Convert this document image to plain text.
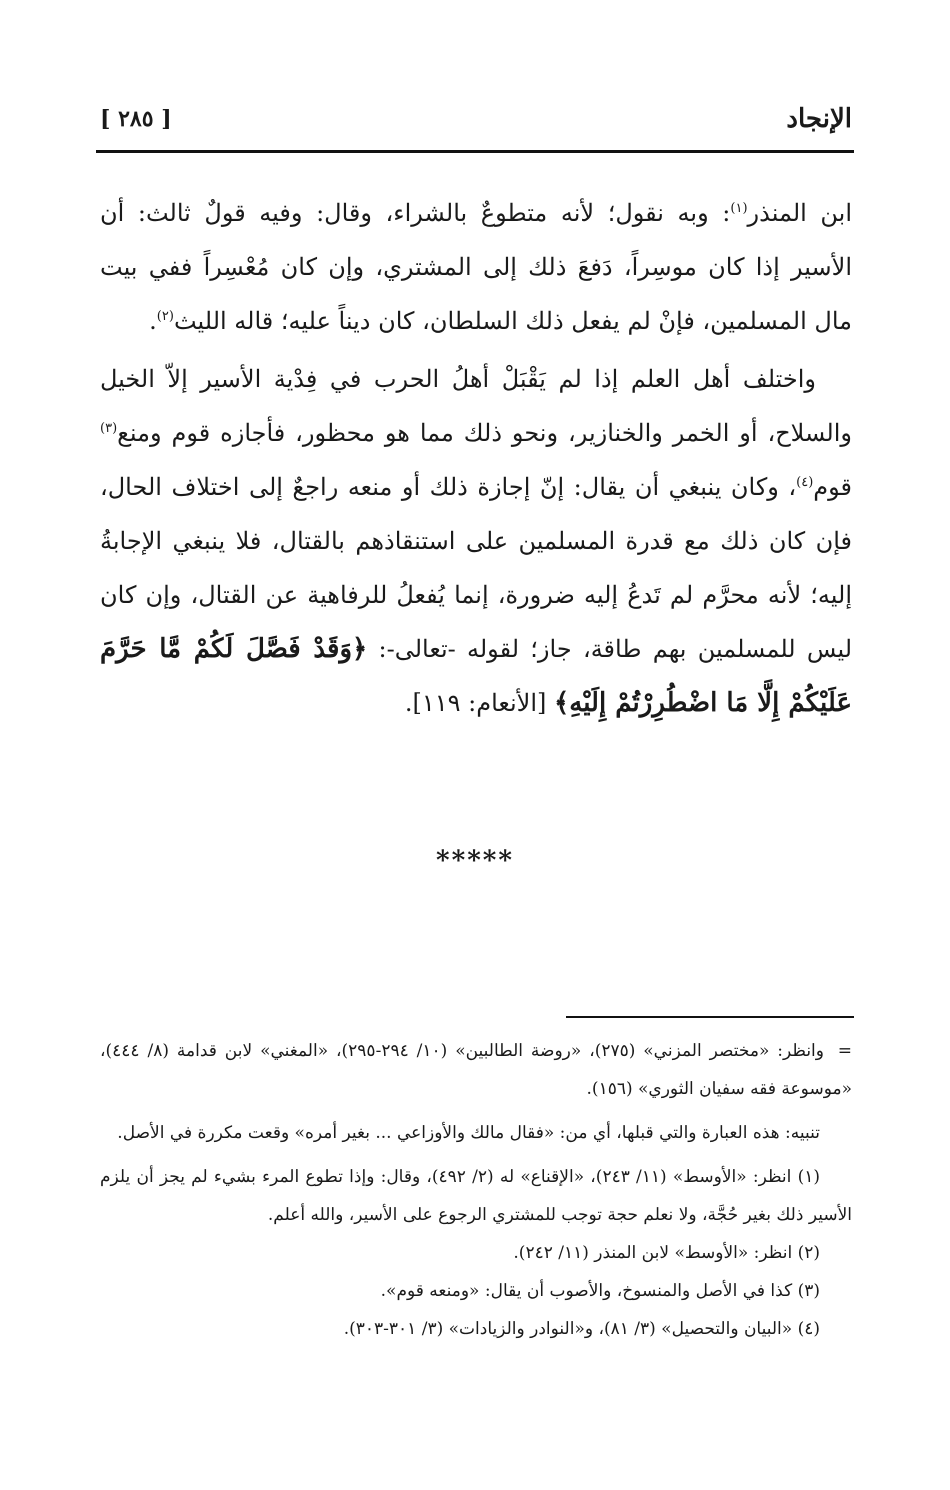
الإنجاد
[ ٢٨٥ ]

ابن المنذر$^{(١)}$: وبه نقول؛ لأنه متطوعٌ بالشراء، وقال: وفيه قولٌ ثالث: أن الأسير إذا كان موسِراً، دَفعَ ذلك إلى المشتري، وإن كان مُعْسِراً ففي بيت مال المسلمين، فإنْ لم يفعل ذلك السلطان، كان ديناً عليه؛ قاله الليث$^{(٢)}$.

واختلف أهل العلم إذا لم يَقْبَلْ أهلُ الحرب في فِدْية الأسير إلاّ الخيل والسلاح، أو الخمر والخنازير، ونحو ذلك مما هو محظور، فأجازه قوم ومنع$^{(٣)}$ قوم$^{(٤)}$، وكان ينبغي أن يقال: إنّ إجازة ذلك أو منعه راجعٌ إلى اختلاف الحال، فإن كان ذلك مع قدرة المسلمين على استنقاذهم بالقتال، فلا ينبغي الإجابةُ إليه؛ لأنه محرَّم لم تَدعُ إليه ضرورة، إنما يُفعلُ للرفاهية عن القتال، وإن كان ليس للمسلمين بهم طاقة، جاز؛ لقوله -تعالى-: ﴿وَقَدْ فَصَّلَ لَكُمْ مَّا حَرَّمَ عَلَيْكُمْ إِلَّا مَا اضْطُرِرْتُمْ إِلَيْهِ﴾ [الأنعام: ١١٩].

*****

=وانظر: «مختصر المزني» (٢٧٥)، «روضة الطالبين» (١٠/ ٢٩٤-٢٩٥)، «المغني» لابن قدامة (٨/ ٤٤٤)، «موسوعة فقه سفيان الثوري» (١٥٦).

تنبيه: هذه العبارة والتي قبلها، أي من: «فقال مالك والأوزاعي ... بغير أمره» وقعت مكررة في الأصل.

(١) انظر: «الأوسط» (١١/ ٢٤٣)، «الإقناع» له (٢/ ٤٩٢)، وقال: وإذا تطوع المرء بشيء لم يجز أن يلزم الأسير ذلك بغير حُجَّة، ولا نعلم حجة توجب للمشتري الرجوع على الأسير، والله أعلم.

(٢) انظر: «الأوسط» لابن المنذر (١١/ ٢٤٢).

(٣) كذا في الأصل والمنسوخ، والأصوب أن يقال: «ومنعه قوم».

(٤) «البيان والتحصيل» (٣/ ٨١)، و«النوادر والزيادات» (٣/ ٣٠١-٣٠٣).
